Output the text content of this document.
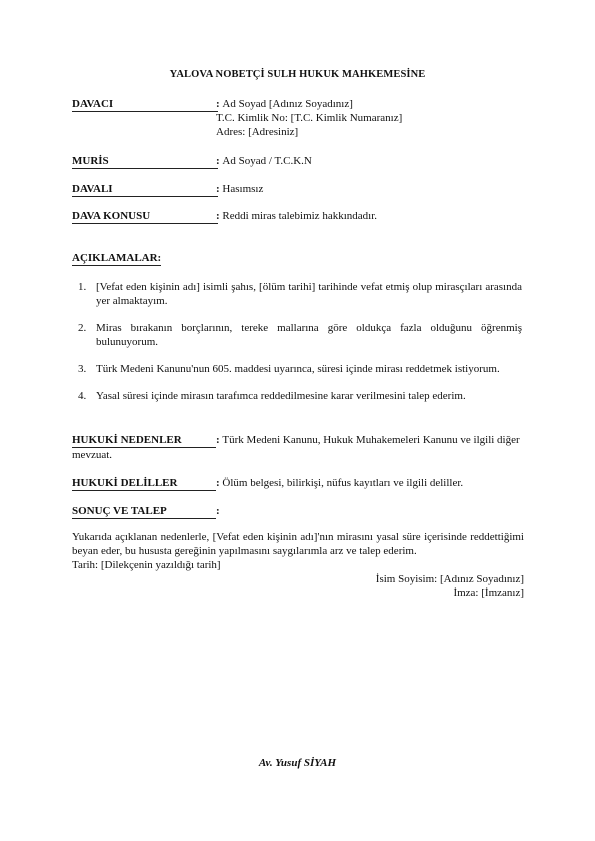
YALOVA NOBETÇİ SULH HUKUK MAHKEMESİNE
DAVACI	: Ad Soyad [Adınız Soyadınız]
T.C. Kimlik No: [T.C. Kimlik Numaranız]
Adres: [Adresiniz]
MURİS	: Ad Soyad / T.C.K.N
DAVALI	: Hasımsız
DAVA KONUSU	: Reddi miras talebimiz hakkındadır.
AÇIKLAMALAR:
1. [Vefat eden kişinin adı] isimli şahıs, [ölüm tarihi] tarihinde vefat etmiş olup mirasçıları arasında yer almaktayım.
2. Miras bırakanın borçlarının, tereke mallarına göre oldukça fazla olduğunu öğrenmiş bulunuyorum.
3. Türk Medeni Kanunu'nun 605. maddesi uyarınca, süresi içinde mirası reddetmek istiyorum.
4. Yasal süresi içinde mirasın tarafımca reddedilmesine karar verilmesini talep ederim.
HUKUKİ NEDENLER	: Türk Medeni Kanunu, Hukuk Muhakemeleri Kanunu ve ilgili diğer mevzuat.
HUKUKİ DELİLLER	: Ölüm belgesi, bilirkişi, nüfus kayıtları ve ilgili deliller.
SONUÇ VE TALEP	:
Yukarıda açıklanan nedenlerle, [Vefat eden kişinin adı]'nın mirasını yasal süre içerisinde reddettiğimi beyan eder, bu hususta gereğinin yapılmasını saygılarımla arz ve talep ederim.
Tarih: [Dilekçenin yazıldığı tarih]
İsim Soyisim: [Adınız Soyadınız]
İmza: [İmzanız]
Av. Yusuf SİYAH
